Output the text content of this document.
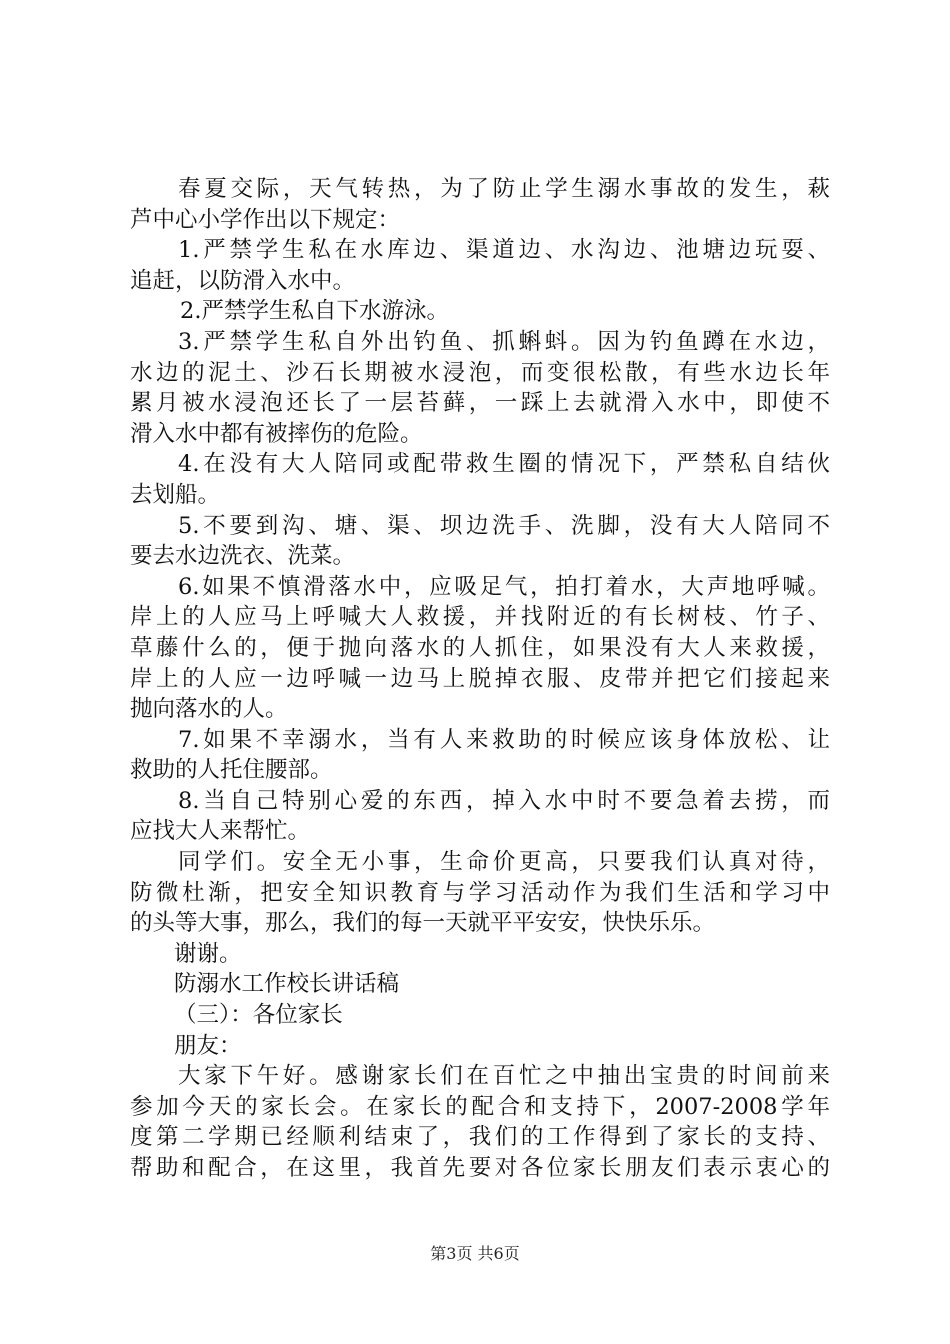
春夏交际，天气转热，为了防止学生溺水事故的发生，萩

芦中心小学作出以下规定：

1.严禁学生私在水库边、渠道边、水沟边、池塘边玩耍、

追赶，以防滑入水中。

2.严禁学生私自下水游泳。

3.严禁学生私自外出钓鱼、抓蝌蚪。因为钓鱼蹲在水边，

水边的泥土、沙石长期被水浸泡，而变很松散，有些水边长年

累月被水浸泡还长了一层苔藓，一踩上去就滑入水中，即使不

滑入水中都有被摔伤的危险。

4.在没有大人陪同或配带救生圈的情况下，严禁私自结伙

去划船。

5.不要到沟、塘、渠、坝边洗手、洗脚，没有大人陪同不

要去水边洗衣、洗菜。

6.如果不慎滑落水中，应吸足气，拍打着水，大声地呼喊。

岸上的人应马上呼喊大人救援，并找附近的有长树枝、竹子、

草藤什么的，便于抛向落水的人抓住，如果没有大人来救援，

岸上的人应一边呼喊一边马上脱掉衣服、皮带并把它们接起来

抛向落水的人。

7.如果不幸溺水，当有人来救助的时候应该身体放松、让

救助的人托住腰部。

8.当自己特别心爱的东西，掉入水中时不要急着去捞，而

应找大人来帮忙。

同学们。安全无小事，生命价更高，只要我们认真对待，

防微杜渐，把安全知识教育与学习活动作为我们生活和学习中

的头等大事，那么，我们的每一天就平平安安，快快乐乐。

谢谢。

防溺水工作校长讲话稿

（三）：各位家长

朋友：

大家下午好。感谢家长们在百忙之中抽出宝贵的时间前来

参加今天的家长会。在家长的配合和支持下，2007-2008学年

度第二学期已经顺利结束了，我们的工作得到了家长的支持、

帮助和配合，在这里，我首先要对各位家长朋友们表示衷心的

第3页 共6页
